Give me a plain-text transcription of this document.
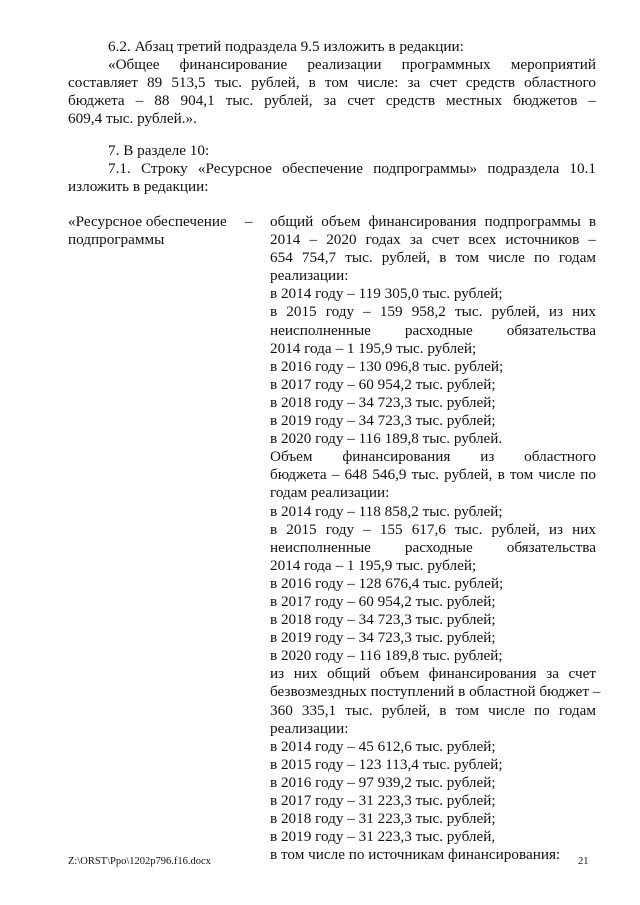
6.2. Абзац третий подраздела 9.5 изложить в редакции:
«Общее финансирование реализации программных мероприятий
составляет 89 513,5 тыс. рублей, в том числе: за счет средств областного
бюджета – 88 904,1 тыс. рублей, за счет средств местных бюджетов –
609,4 тыс. рублей.».
7. В разделе 10:
7.1. Строку «Ресурсное обеспечение подпрограммы» подраздела 10.1
изложить в редакции:
«Ресурсное обеспечение
подпрограммы
– общий объем финансирования подпрограммы в
2014 – 2020 годах за счет всех источников –
654 754,7 тыс. рублей, в том числе по годам
реализации:
в 2014 году – 119 305,0 тыс. рублей;
в 2015 году – 159 958,2 тыс. рублей, из них
неисполненные расходные обязательства
2014 года – 1 195,9 тыс. рублей;
в 2016 году – 130 096,8 тыс. рублей;
в 2017 году – 60 954,2 тыс. рублей;
в 2018 году – 34 723,3 тыс. рублей;
в 2019 году – 34 723,3 тыс. рублей;
в 2020 году – 116 189,8 тыс. рублей.
Объем финансирования из областного
бюджета – 648 546,9 тыс. рублей, в том числе по
годам реализации:
в 2014 году – 118 858,2 тыс. рублей;
в 2015 году – 155 617,6 тыс. рублей, из них
неисполненные расходные обязательства
2014 года – 1 195,9 тыс. рублей;
в 2016 году – 128 676,4 тыс. рублей;
в 2017 году – 60 954,2 тыс. рублей;
в 2018 году – 34 723,3 тыс. рублей;
в 2019 году – 34 723,3 тыс. рублей;
в 2020 году – 116 189,8 тыс. рублей;
из них общий объем финансирования за счет
безвозмездных поступлений в областной бюджет –
360 335,1 тыс. рублей, в том числе по годам
реализации:
в 2014 году – 45 612,6 тыс. рублей;
в 2015 году – 123 113,4 тыс. рублей;
в 2016 году – 97 939,2 тыс. рублей;
в 2017 году – 31 223,3 тыс. рублей;
в 2018 году – 31 223,3 тыс. рублей;
в 2019 году – 31 223,3 тыс. рублей,
в том числе по источникам финансирования:
Z:\ORST\Ppo\1202p796.f16.docx	21
